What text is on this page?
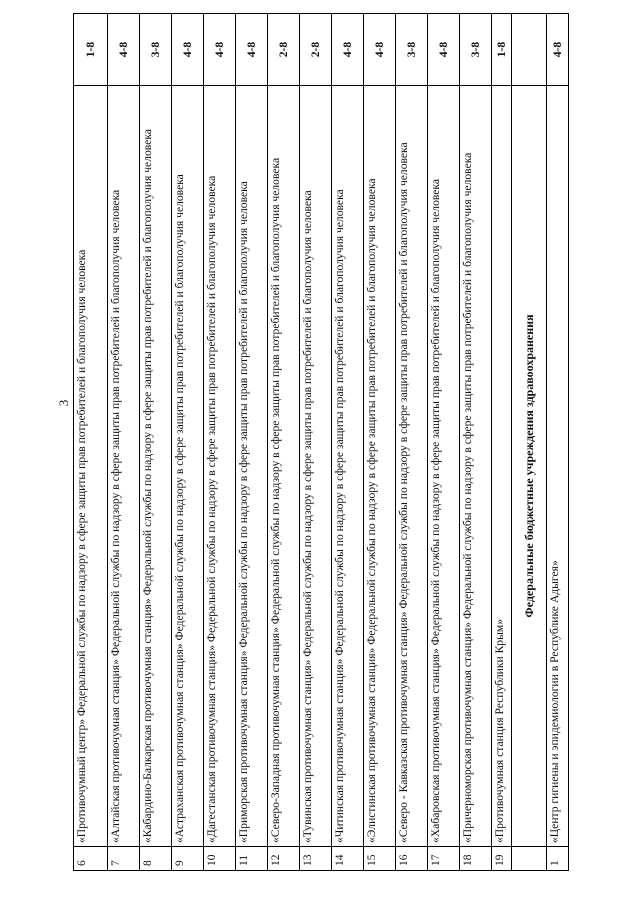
3
6	«Противочумный центр» Федеральной службы по надзору в сфере защиты прав потребителей и благополучия человека	1-8
7	«Алтайская противочумная станция» Федеральной службы по надзору в сфере защиты прав потребителей и благополучия человека	4-8
8	«Кабардино-Балкарская противочумная станция» Федеральной службы по надзору в сфере защиты прав потребителей и благополучия человека	3-8
9	«Астраханская противочумная станция» Федеральной службы по надзору в сфере защиты прав потребителей и благополучия человека	4-8
10	«Дагестанская противочумная станция» Федеральной службы по надзору в сфере защиты прав потребителей и благополучия человека	4-8
11	«Приморская противочумная станция» Федеральной службы по надзору в сфере защиты прав потребителей и благополучия человека	4-8
12	«Северо-Западная противочумная станция» Федеральной службы по надзору в сфере защиты прав потребителей и благополучия человека	2-8
13	«Тувинская противочумная станция» Федеральной службы по надзору в сфере защиты прав потребителей и благополучия человека	2-8
14	«Читинская противочумная станция» Федеральной службы по надзору в сфере защиты прав потребителей и благополучия человека	4-8
15	«Элистинская противочумная станция» Федеральной службы по надзору в сфере защиты прав потребителей и благополучия человека	4-8
16	«Северо - Кавказская противочумная станция» Федеральной службы по надзору в сфере защиты прав потребителей и благополучия человека	3-8
17	«Хабаровская противочумная станция» Федеральной службы по надзору в сфере защиты прав потребителей и благополучия человека	4-8
18	«Причерноморская противочумная станция» Федеральной службы по надзору в сфере защиты прав потребителей и благополучия человека	3-8
19	«Противочумная станция Республики Крым»	1-8
	Федеральные бюджетные учреждения здравоохранения	
1	«Центр гигиены и эпидемиологии в Республике Адыгея»	4-8
